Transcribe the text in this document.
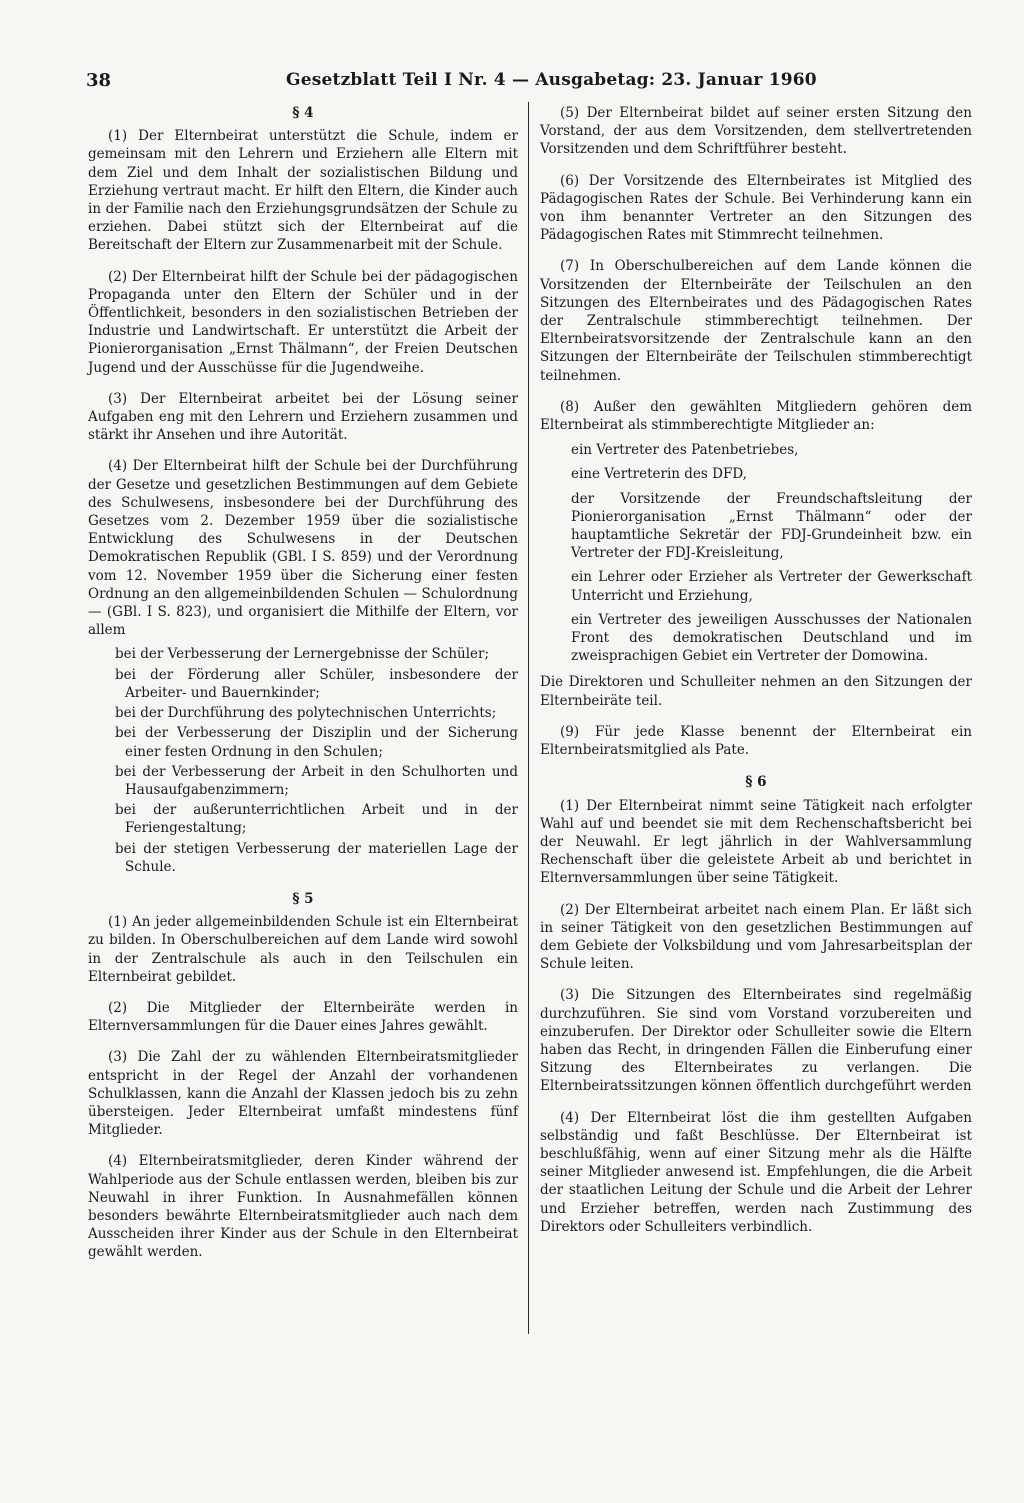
38	Gesetzblatt Teil I Nr. 4 — Ausgabetag: 23. Januar 1960
§ 4

(1) Der Elternbeirat unterstützt die Schule, indem er gemeinsam mit den Lehrern und Erziehern alle Eltern mit dem Ziel und dem Inhalt der sozialistischen Bildung und Erziehung vertraut macht. Er hilft den Eltern, die Kinder auch in der Familie nach den Erziehungsgrundsätzen der Schule zu erziehen. Dabei stützt sich der Elternbeirat auf die Bereitschaft der Eltern zur Zusammenarbeit mit der Schule.

(2) Der Elternbeirat hilft der Schule bei der pädagogischen Propaganda unter den Eltern der Schüler und in der Öffentlichkeit, besonders in den sozialistischen Betrieben der Industrie und Landwirtschaft. Er unterstützt die Arbeit der Pionierorganisation „Ernst Thälmann“, der Freien Deutschen Jugend und der Ausschüsse für die Jugendweihe.

(3) Der Elternbeirat arbeitet bei der Lösung seiner Aufgaben eng mit den Lehrern und Erziehern zusammen und stärkt ihr Ansehen und ihre Autorität.

(4) Der Elternbeirat hilft der Schule bei der Durchführung der Gesetze und gesetzlichen Bestimmungen auf dem Gebiete des Schulwesens, insbesondere bei der Durchführung des Gesetzes vom 2. Dezember 1959 über die sozialistische Entwicklung des Schulwesens in der Deutschen Demokratischen Republik (GBl. I S. 859) und der Verordnung vom 12. November 1959 über die Sicherung einer festen Ordnung an den allgemeinbildenden Schulen — Schulordnung — (GBl. I S. 823), und organisiert die Mithilfe der Eltern, vor allem

bei der Verbesserung der Lernergebnisse der Schüler;
bei der Förderung aller Schüler, insbesondere der Arbeiter- und Bauernkinder;
bei der Durchführung des polytechnischen Unterrichts;
bei der Verbesserung der Disziplin und der Sicherung einer festen Ordnung in den Schulen;
bei der Verbesserung der Arbeit in den Schulhorten und Hausaufgabenzimmern;
bei der außerunterrichtlichen Arbeit und in der Feriengestaltung;
bei der stetigen Verbesserung der materiellen Lage der Schule.
§ 5

(1) An jeder allgemeinbildenden Schule ist ein Elternbeirat zu bilden. In Oberschulbereichen auf dem Lande wird sowohl in der Zentralschule als auch in den Teilschulen ein Elternbeirat gebildet.

(2) Die Mitglieder der Elternbeiräte werden in Elternversammlungen für die Dauer eines Jahres gewählt.

(3) Die Zahl der zu wählenden Elternbeiratsmitglieder entspricht in der Regel der Anzahl der vorhandenen Schulklassen, kann die Anzahl der Klassen jedoch bis zu zehn übersteigen. Jeder Elternbeirat umfaßt mindestens fünf Mitglieder.

(4) Elternbeiratsmitglieder, deren Kinder während der Wahlperiode aus der Schule entlassen werden, bleiben bis zur Neuwahl in ihrer Funktion. In Ausnahmefällen können besonders bewährte Elternbeiratsmitglieder auch nach dem Ausscheiden ihrer Kinder aus der Schule in den Elternbeirat gewählt werden.

(5) Der Elternbeirat bildet auf seiner ersten Sitzung den Vorstand, der aus dem Vorsitzenden, dem stellvertretenden Vorsitzenden und dem Schriftführer besteht.

(6) Der Vorsitzende des Elternbeirates ist Mitglied des Pädagogischen Rates der Schule. Bei Verhinderung kann ein von ihm benannter Vertreter an den Sitzungen des Pädagogischen Rates mit Stimmrecht teilnehmen.

(7) In Oberschulbereichen auf dem Lande können die Vorsitzenden der Elternbeiräte der Teilschulen an den Sitzungen des Elternbeirates und des Pädagogischen Rates der Zentralschule stimmberechtigt teilnehmen. Der Elternbeiratsvorsitzende der Zentralschule kann an den Sitzungen der Elternbeiräte der Teilschulen stimmberechtigt teilnehmen.

(8) Außer den gewählten Mitgliedern gehören dem Elternbeirat als stimmberechtigte Mitglieder an:

ein Vertreter des Patenbetriebes,
eine Vertreterin des DFD,
der Vorsitzende der Freundschaftsleitung der Pionierorganisation „Ernst Thälmann“ oder der hauptamtliche Sekretär der FDJ-Grundeinheit bzw. ein Vertreter der FDJ-Kreisleitung,
ein Lehrer oder Erzieher als Vertreter der Gewerkschaft Unterricht und Erziehung,
ein Vertreter des jeweiligen Ausschusses der Nationalen Front des demokratischen Deutschland und im zweisprachigen Gebiet ein Vertreter der Domowina.

Die Direktoren und Schulleiter nehmen an den Sitzungen der Elternbeiräte teil.

(9) Für jede Klasse benennt der Elternbeirat ein Elternbeiratsmitglied als Pate.

§ 6

(1) Der Elternbeirat nimmt seine Tätigkeit nach erfolgter Wahl auf und beendet sie mit dem Rechenschaftsbericht bei der Neuwahl. Er legt jährlich in der Wahlversammlung Rechenschaft über die geleistete Arbeit ab und berichtet in Elternversammlungen über seine Tätigkeit.

(2) Der Elternbeirat arbeitet nach einem Plan. Er läßt sich in seiner Tätigkeit von den gesetzlichen Bestimmungen auf dem Gebiete der Volksbildung und vom Jahresarbeitsplan der Schule leiten.

(3) Die Sitzungen des Elternbeirates sind regelmäßig durchzuführen. Sie sind vom Vorstand vorzubereiten und einzuberufen. Der Direktor oder Schulleiter sowie die Eltern haben das Recht, in dringenden Fällen die Einberufung einer Sitzung des Elternbeirates zu verlangen. Die Elternbeiratssitzungen können öffentlich durchgeführt werden

(4) Der Elternbeirat löst die ihm gestellten Aufgaben selbständig und faßt Beschlüsse. Der Elternbeirat ist beschlußfähig, wenn auf einer Sitzung mehr als die Hälfte seiner Mitglieder anwesend ist. Empfehlungen, die die Arbeit der staatlichen Leitung der Schule und die Arbeit der Lehrer und Erzieher betreffen, werden nach Zustimmung des Direktors oder Schulleiters verbindlich.
